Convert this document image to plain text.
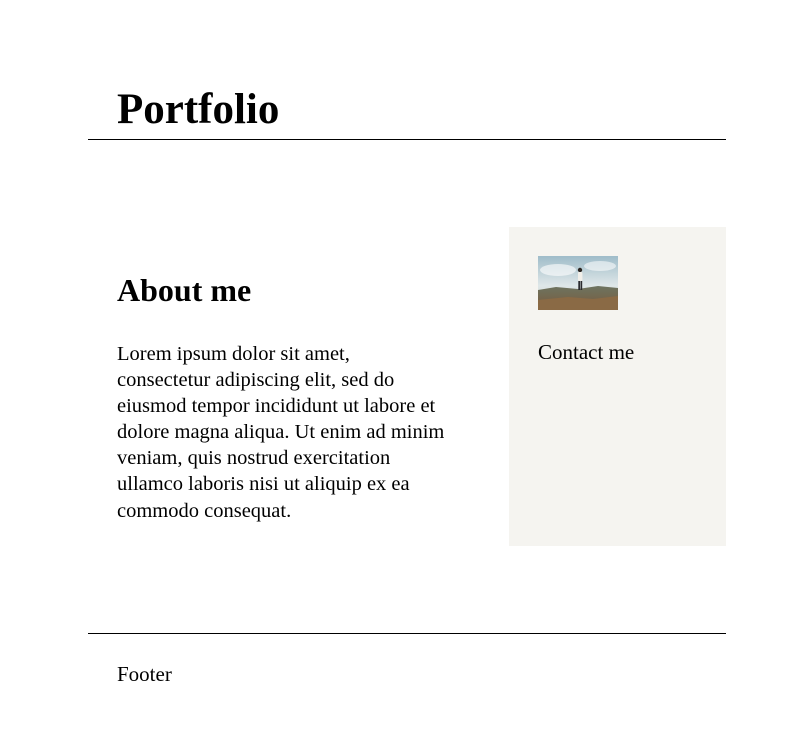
Portfolio
About me

Lorem ipsum dolor sit amet, consectetur adipiscing elit, sed do eiusmod tempor incididunt ut labore et dolore magna aliqua. Ut enim ad minim veniam, quis nostrud exercitation ullamco laboris nisi ut aliquip ex ea commodo consequat.

Contact me
Footer
